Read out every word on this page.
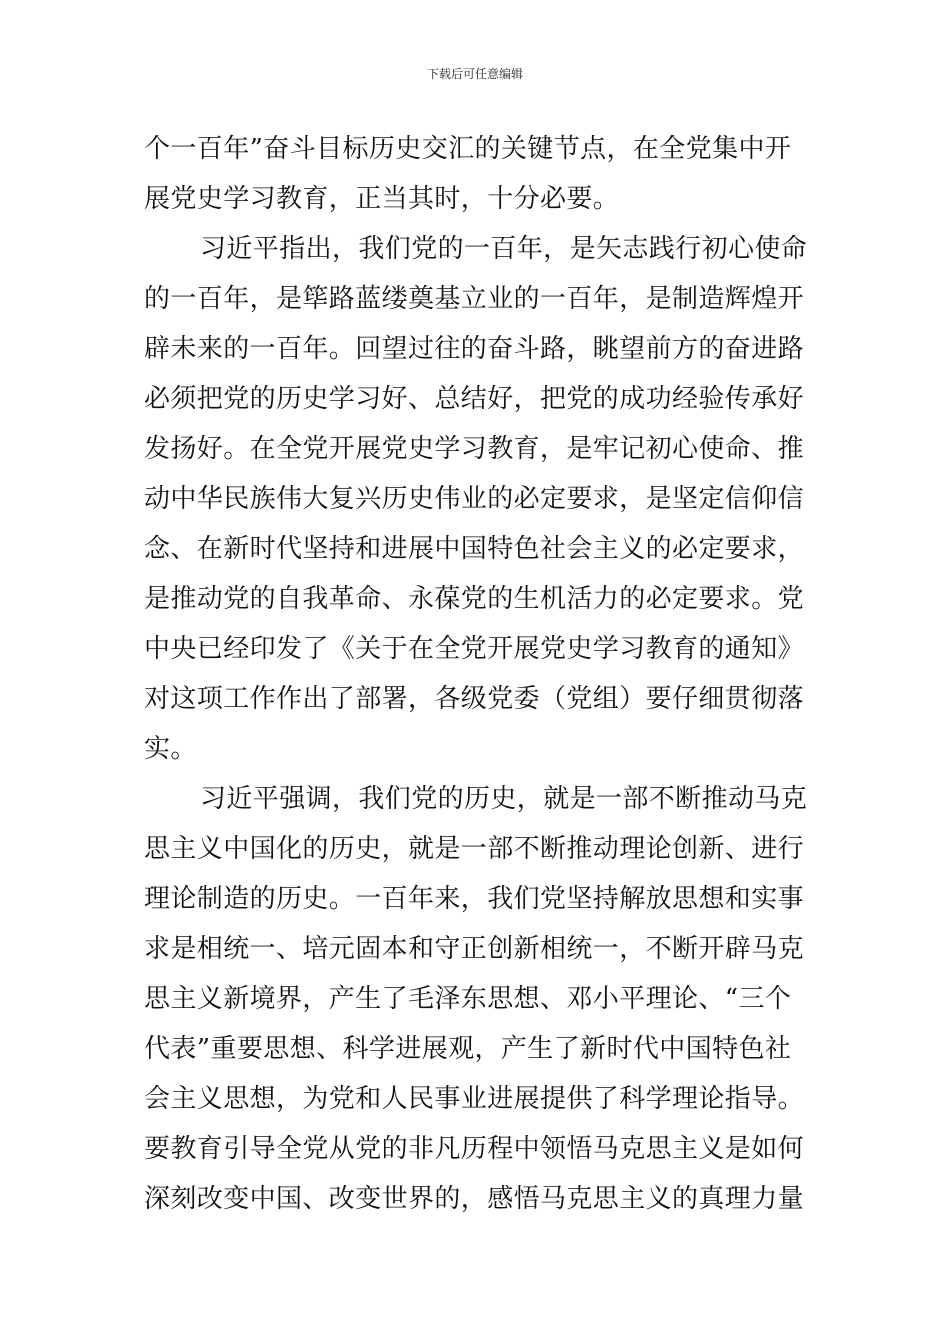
下载后可任意编辑
个一百年”奋斗目标历史交汇的关键节点，在全党集中开
展党史学习教育，正当其时，十分必要。
习近平指出，我们党的一百年，是矢志践行初心使命
的一百年，是筚路蓝缕奠基立业的一百年，是制造辉煌开
辟未来的一百年。回望过往的奋斗路，眺望前方的奋进路
必须把党的历史学习好、总结好，把党的成功经验传承好
发扬好。在全党开展党史学习教育，是牢记初心使命、推
动中华民族伟大复兴历史伟业的必定要求，是坚定信仰信
念、在新时代坚持和进展中国特色社会主义的必定要求，
是推动党的自我革命、永葆党的生机活力的必定要求。党
中央已经印发了《关于在全党开展党史学习教育的通知》
对这项工作作出了部署，各级党委（党组）要仔细贯彻落
实。
习近平强调，我们党的历史，就是一部不断推动马克
思主义中国化的历史，就是一部不断推动理论创新、进行
理论制造的历史。一百年来，我们党坚持解放思想和实事
求是相统一、培元固本和守正创新相统一，不断开辟马克
思主义新境界，产生了毛泽东思想、邓小平理论、“三个
代表”重要思想、科学进展观，产生了新时代中国特色社
会主义思想，为党和人民事业进展提供了科学理论指导。
要教育引导全党从党的非凡历程中领悟马克思主义是如何
深刻改变中国、改变世界的，感悟马克思主义的真理力量
